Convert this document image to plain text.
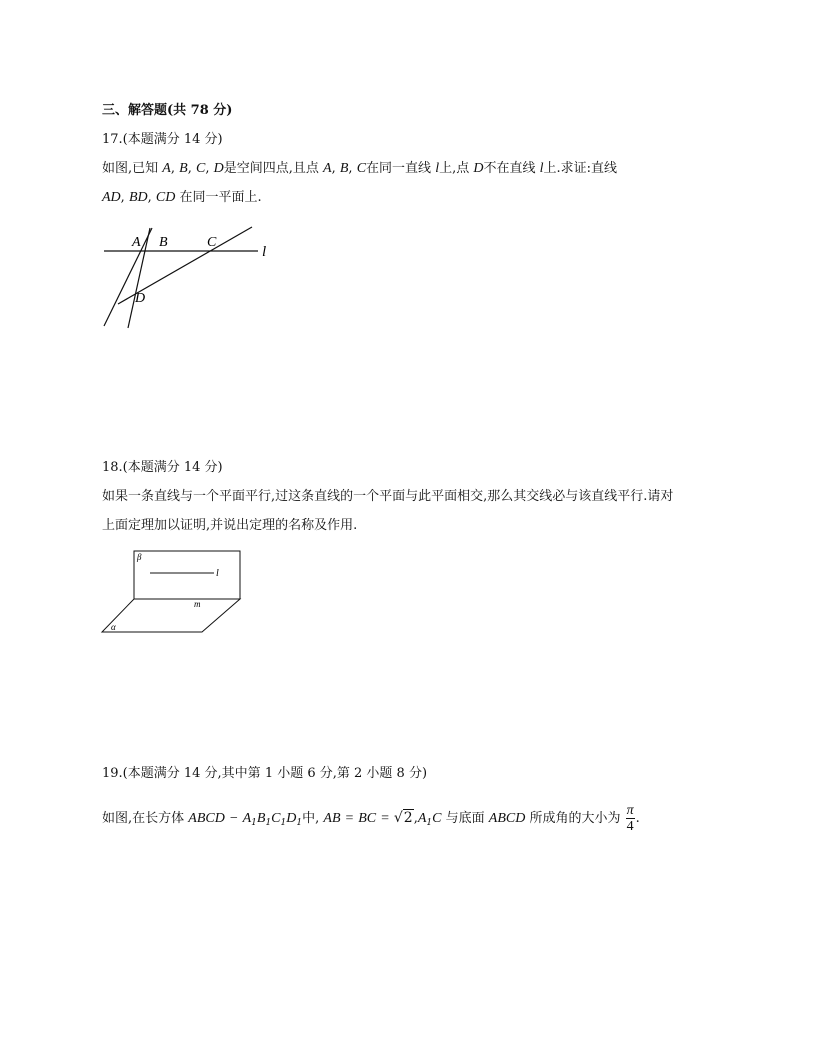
三、解答题(共 78 分)
17.(本题满分 14 分)
如图,已知 A, B, C, D是空间四点,且点 A, B, C在同一直线 l上,点 D不在直线 l上.求证:直线
AD, BD, CD 在同一平面上.
A B	C
D
l
18.(本题满分 14 分)
如果一条直线与一个平面平行,过这条直线的一个平面与此平面相交,那么其交线必与该直线平行.请对
上面定理加以证明,并说出定理的名称及作用.
β
l
m
α
19.(本题满分 14 分,其中第 1 小题 6 分,第 2 小题 8 分)
如图,在长方体 ABCD − $A_1B_1C_1D_1$中, AB = BC = $√2,A_1C$ 与底面 ABCD 所成角的大小为 $\frac{\pi}{4}$ .
